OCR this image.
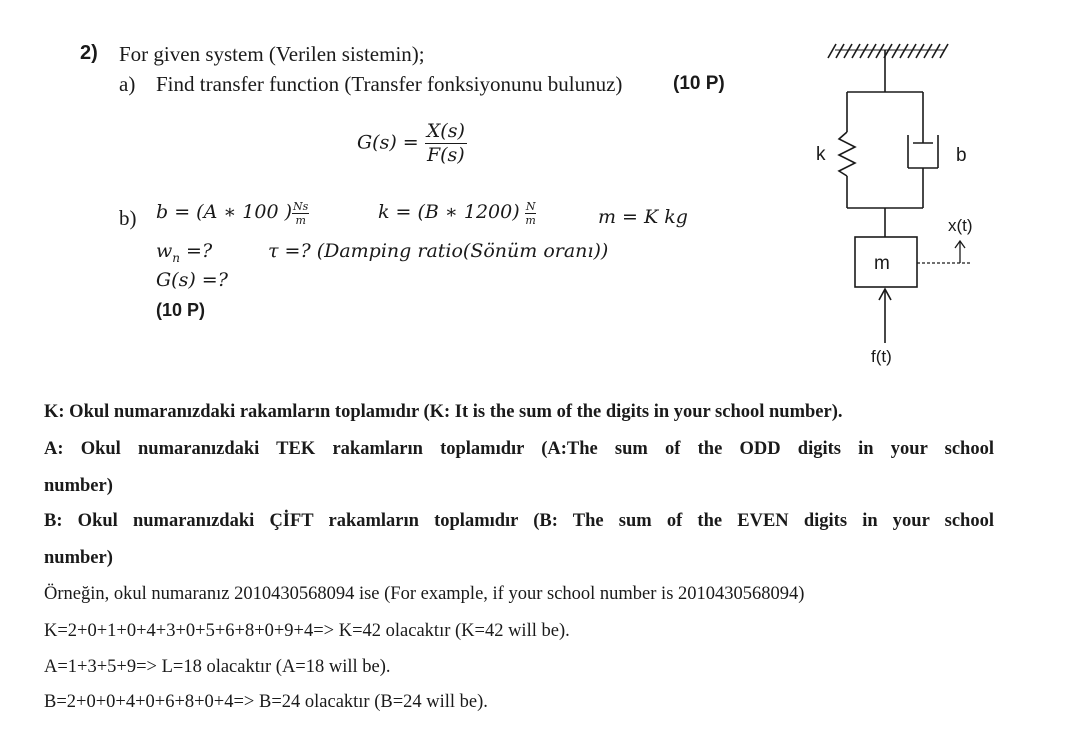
2) For given system (Verilen sistemin);
a) Find transfer function (Transfer fonksiyonunu bulunuz)	(10 P)
$G(s) = \frac{X(s)}{F(s)}$
b) b = (A ∗ 100 ) $\frac{Ns}{m}$	k = (B ∗ $1200) \frac{N}{m}$	m = K kg
$w_n$ =?	τ =? (Damping ratio(Sönüm oranı))
G(s) =?
(10 P)
k	b
m
x(t)
f(t)

K: Okul numaranızdaki rakamların toplamıdır (K: It is the sum of the digits in your school number).

A: Okul numaranızdaki TEK rakamların toplamıdır (A:The sum of the ODD digits in your school

number)

B: Okul numaranızdaki ÇİFT rakamların toplamıdır (B: The sum of the EVEN digits in your school

number)

Örneğin, okul numaranız 2010430568094 ise (For example, if your school number is 2010430568094)

K=2+0+1+0+4+3+0+5+6+8+0+9+4=> K=42 olacaktır (K=42 will be).

A=1+3+5+9=> L=18 olacaktır (A=18 will be).

B=2+0+0+4+0+6+8+0+4=> B=24 olacaktır (B=24 will be).
